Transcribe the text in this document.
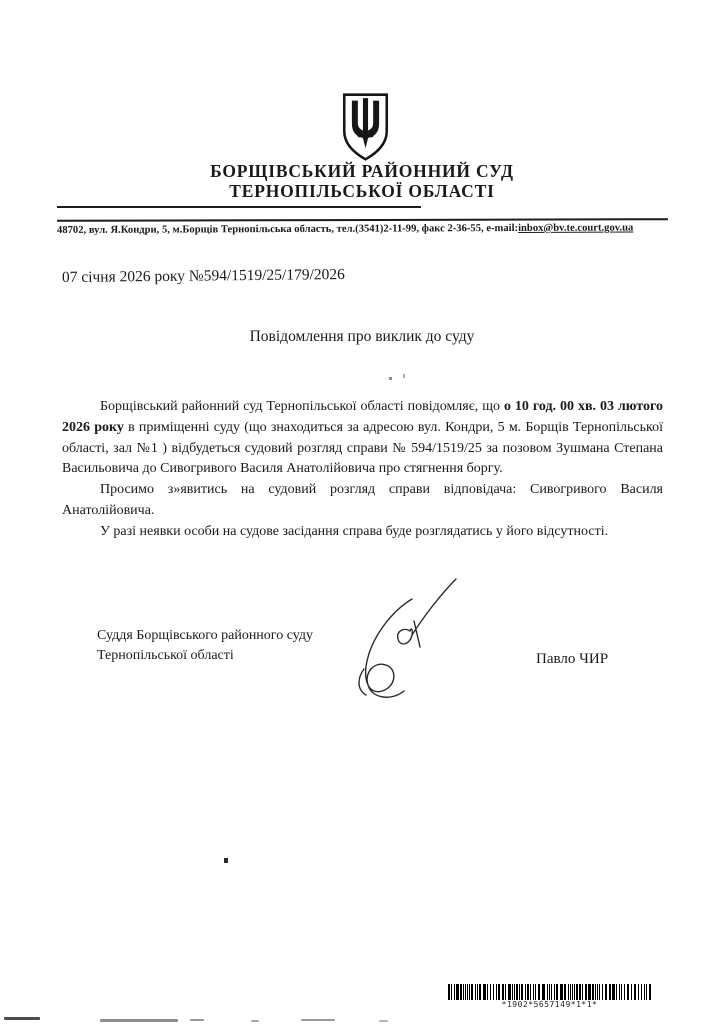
БОРЩІВСЬКИЙ РАЙОННИЙ СУД
ТЕРНОПІЛЬСЬКОЇ ОБЛАСТІ
48702, вул. Я.Кондри, 5, м.Борщів Тернопільська область, тел.(3541)2-11-99, факс 2-36-55, e-mail:inbox@bv.te.court.gov.ua
07 січня 2026 року №594/1519/25/179/2026
Повідомлення про виклик до суду

Борщівський районний суд Тернопільської області повідомляє, що о 10 год. 00 хв. 03 лютого 2026 року в приміщенні суду (що знаходиться за адресою вул. Кондри, 5 м. Борщів Тернопільської області, зал №1 ) відбудеться судовий розгляд справи № 594/1519/25 за позовом Зушмана Степана Васильовича до Сивогривого Василя Анатолійовича про стягнення боргу.

Просимо з»явитись на судовий розгляд справи відповідача: Сивогривого Василя Анатолійовича.

У разі неявки особи на судове засідання справа буде розглядатись у його відсутності.

Суддя Борщівського районного суду
Тернопільської області	Павло ЧИР
*1902*5657149*1*1*
